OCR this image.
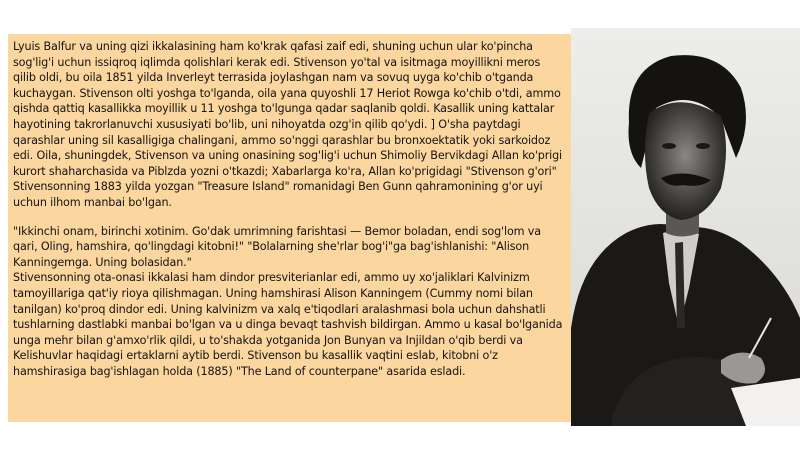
Lyuis Balfur va uning qizi ikkalasining ham ko'krak qafasi zaif edi, shuning uchun ular ko'pincha sog'lig'i uchun issiqroq iqlimda qolishlari kerak edi. Stivenson yo'tal va isitmaga moyillikni meros qilib oldi, bu oila 1851 yilda Inverleyt terrasida joylashgan nam va sovuq uyga ko'chib o'tganda kuchaygan. Stivenson olti yoshga to'lganda, oila yana quyoshli 17 Heriot Rowga ko'chib o'tdi, ammo qishda qattiq kasallikka moyillik u 11 yoshga to'lgunga qadar saqlanib qoldi. Kasallik uning kattalar hayotining takrorlanuvchi xususiyati bo'lib, uni nihoyatda ozg'in qilib qo'ydi. ] O'sha paytdagi qarashlar uning sil kasalligiga chalingani, ammo so'nggi qarashlar bu bronxoektatik yoki sarkoidoz edi. Oila, shuningdek, Stivenson va uning onasining sog'lig'i uchun Shimoliy Bervikdagi Allan ko'prigi kurort shaharchasida va Piblzda yozni o'tkazdi; Xabarlarga ko'ra, Allan ko'prigidagi "Stivenson g'ori" Stivensonning 1883 yilda yozgan "Treasure Island" romanidagi Ben Gunn qahramonining g'or uyi uchun ilhom manbai bo'lgan.

"Ikkinchi onam, birinchi xotinim. Go'dak umrimning farishtasi — Bemor boladan, endi sog'lom va qari, Oling, hamshira, qo'lingdagi kitobni!" "Bolalarning she'rlar bog'i"ga bag'ishlanishi: "Alison Kanningemga. Uning bolasidan."

Stivensonning ota-onasi ikkalasi ham dindor presviterianlar edi, ammo uy xo'jaliklari Kalvinizm tamoyillariga qat'iy rioya qilishmagan. Uning hamshirasi Alison Kanningem (Cummy nomi bilan tanilgan) ko'proq dindor edi. Uning kalvinizm va xalq e'tiqodlari aralashmasi bola uchun dahshatli tushlarning dastlabki manbai bo'lgan va u dinga bevaqt tashvish bildirgan. Ammo u kasal bo'lganida unga mehr bilan g'amxo'rlik qildi, u to'shakda yotganida Jon Bunyan va Injildan o'qib berdi va Kelishuvlar haqidagi ertaklarni aytib berdi. Stivenson bu kasallik vaqtini eslab, kitobni o'z hamshirasiga bag'ishlagan holda (1885) "The Land of counterpane" asarida esladi.
